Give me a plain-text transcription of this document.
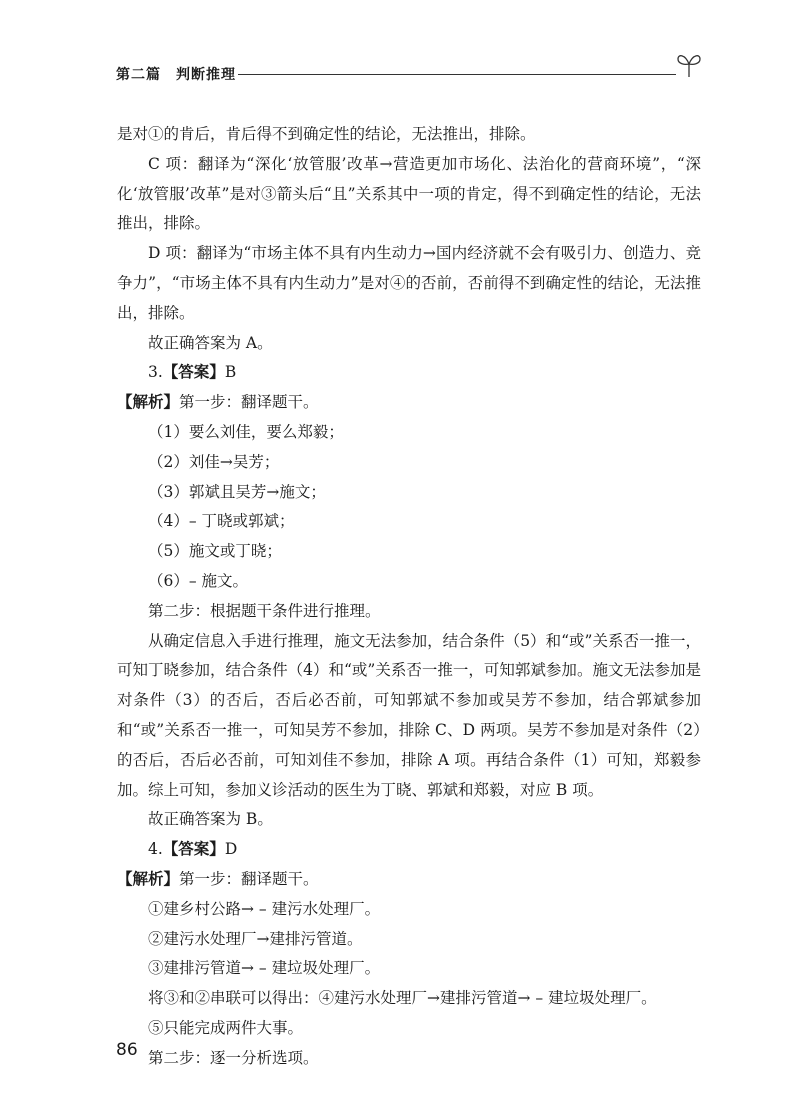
第二篇　判断推理

是对①的肯后，肯后得不到确定性的结论，无法推出，排除。

C 项：翻译为“深化‘放管服’改革→营造更加市场化、法治化的营商环境”，“深化‘放管服’改革”是对③箭头后“且”关系其中一项的肯定，得不到确定性的结论，无法推出，排除。

D 项：翻译为“市场主体不具有内生动力→国内经济就不会有吸引力、创造力、竞争力”，“市场主体不具有内生动力”是对④的否前，否前得不到确定性的结论，无法推出，排除。

故正确答案为 A。

3.【答案】B

【解析】第一步：翻译题干。

（1）要么刘佳，要么郑毅；

（2）刘佳→吴芳；

（3）郭斌且吴芳→施文；

（4）– 丁晓或郭斌；

（5）施文或丁晓；

（6）– 施文。

第二步：根据题干条件进行推理。

从确定信息入手进行推理，施文无法参加，结合条件（5）和“或”关系否一推一，可知丁晓参加，结合条件（4）和“或”关系否一推一，可知郭斌参加。施文无法参加是对条件（3）的否后，否后必否前，可知郭斌不参加或吴芳不参加，结合郭斌参加和“或”关系否一推一，可知吴芳不参加，排除 C、D 两项。吴芳不参加是对条件（2）的否后，否后必否前，可知刘佳不参加，排除 A 项。再结合条件（1）可知，郑毅参加。综上可知，参加义诊活动的医生为丁晓、郭斌和郑毅，对应 B 项。

故正确答案为 B。

4.【答案】D

【解析】第一步：翻译题干。

①建乡村公路→ – 建污水处理厂。

②建污水处理厂→建排污管道。

③建排污管道→ – 建垃圾处理厂。

将③和②串联可以得出：④建污水处理厂→建排污管道→ – 建垃圾处理厂。

⑤只能完成两件大事。

第二步：逐一分析选项。

86
